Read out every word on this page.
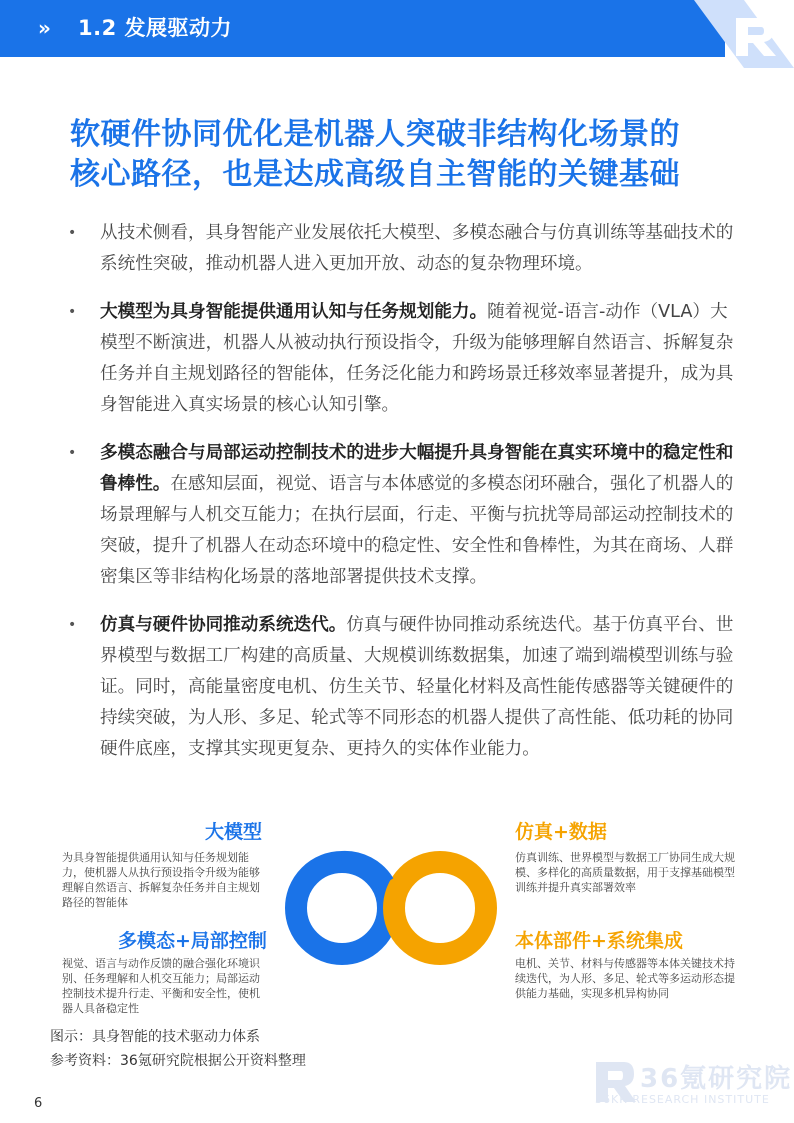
» 1.2 发展驱动力
软硬件协同优化是机器人突破非结构化场景的
核心路径，也是达成高级自主智能的关键基础
• 从技术侧看，具身智能产业发展依托大模型、多模态融合与仿真训练等基础技术的系统性突破，推动机器人进入更加开放、动态的复杂物理环境。
• 大模型为具身智能提供通用认知与任务规划能力。随着视觉-语言-动作（VLA）大模型不断演进，机器人从被动执行预设指令，升级为能够理解自然语言、拆解复杂任务并自主规划路径的智能体，任务泛化能力和跨场景迁移效率显著提升，成为具身智能进入真实场景的核心认知引擎。
• 多模态融合与局部运动控制技术的进步大幅提升具身智能在真实环境中的稳定性和鲁棒性。在感知层面，视觉、语言与本体感觉的多模态闭环融合，强化了机器人的场景理解与人机交互能力；在执行层面，行走、平衡与抗扰等局部运动控制技术的突破，提升了机器人在动态环境中的稳定性、安全性和鲁棒性，为其在商场、人群密集区等非结构化场景的落地部署提供技术支撑。
• 仿真与硬件协同推动系统迭代。仿真与硬件协同推动系统迭代。基于仿真平台、世界模型与数据工厂构建的高质量、大规模训练数据集，加速了端到端模型训练与验证。同时，高能量密度电机、仿生关节、轻量化材料及高性能传感器等关键硬件的持续突破，为人形、多足、轮式等不同形态的机器人提供了高性能、低功耗的协同硬件底座，支撑其实现更复杂、更持久的实体作业能力。
大模型
为具身智能提供通用认知与任务规划能力，使机器人从执行预设指令升级为能够理解自然语言、拆解复杂任务并自主规划路径的智能体
多模态+局部控制
视觉、语言与动作反馈的融合强化环境识别、任务理解和人机交互能力；局部运动控制技术提升行走、平衡和安全性，使机器人具备稳定性
仿真+数据
仿真训练、世界模型与数据工厂协同生成大规模、多样化的高质量数据，用于支撑基础模型训练并提升真实部署效率
本体部件+系统集成
电机、关节、材料与传感器等本体关键技术持续迭代，为人形、多足、轮式等多运动形态提供能力基础，实现多机异构协同
图示：具身智能的技术驱动力体系
参考资料：36氪研究院根据公开资料整理
36氪研究院
36KR RESEARCH INSTITUTE
6
